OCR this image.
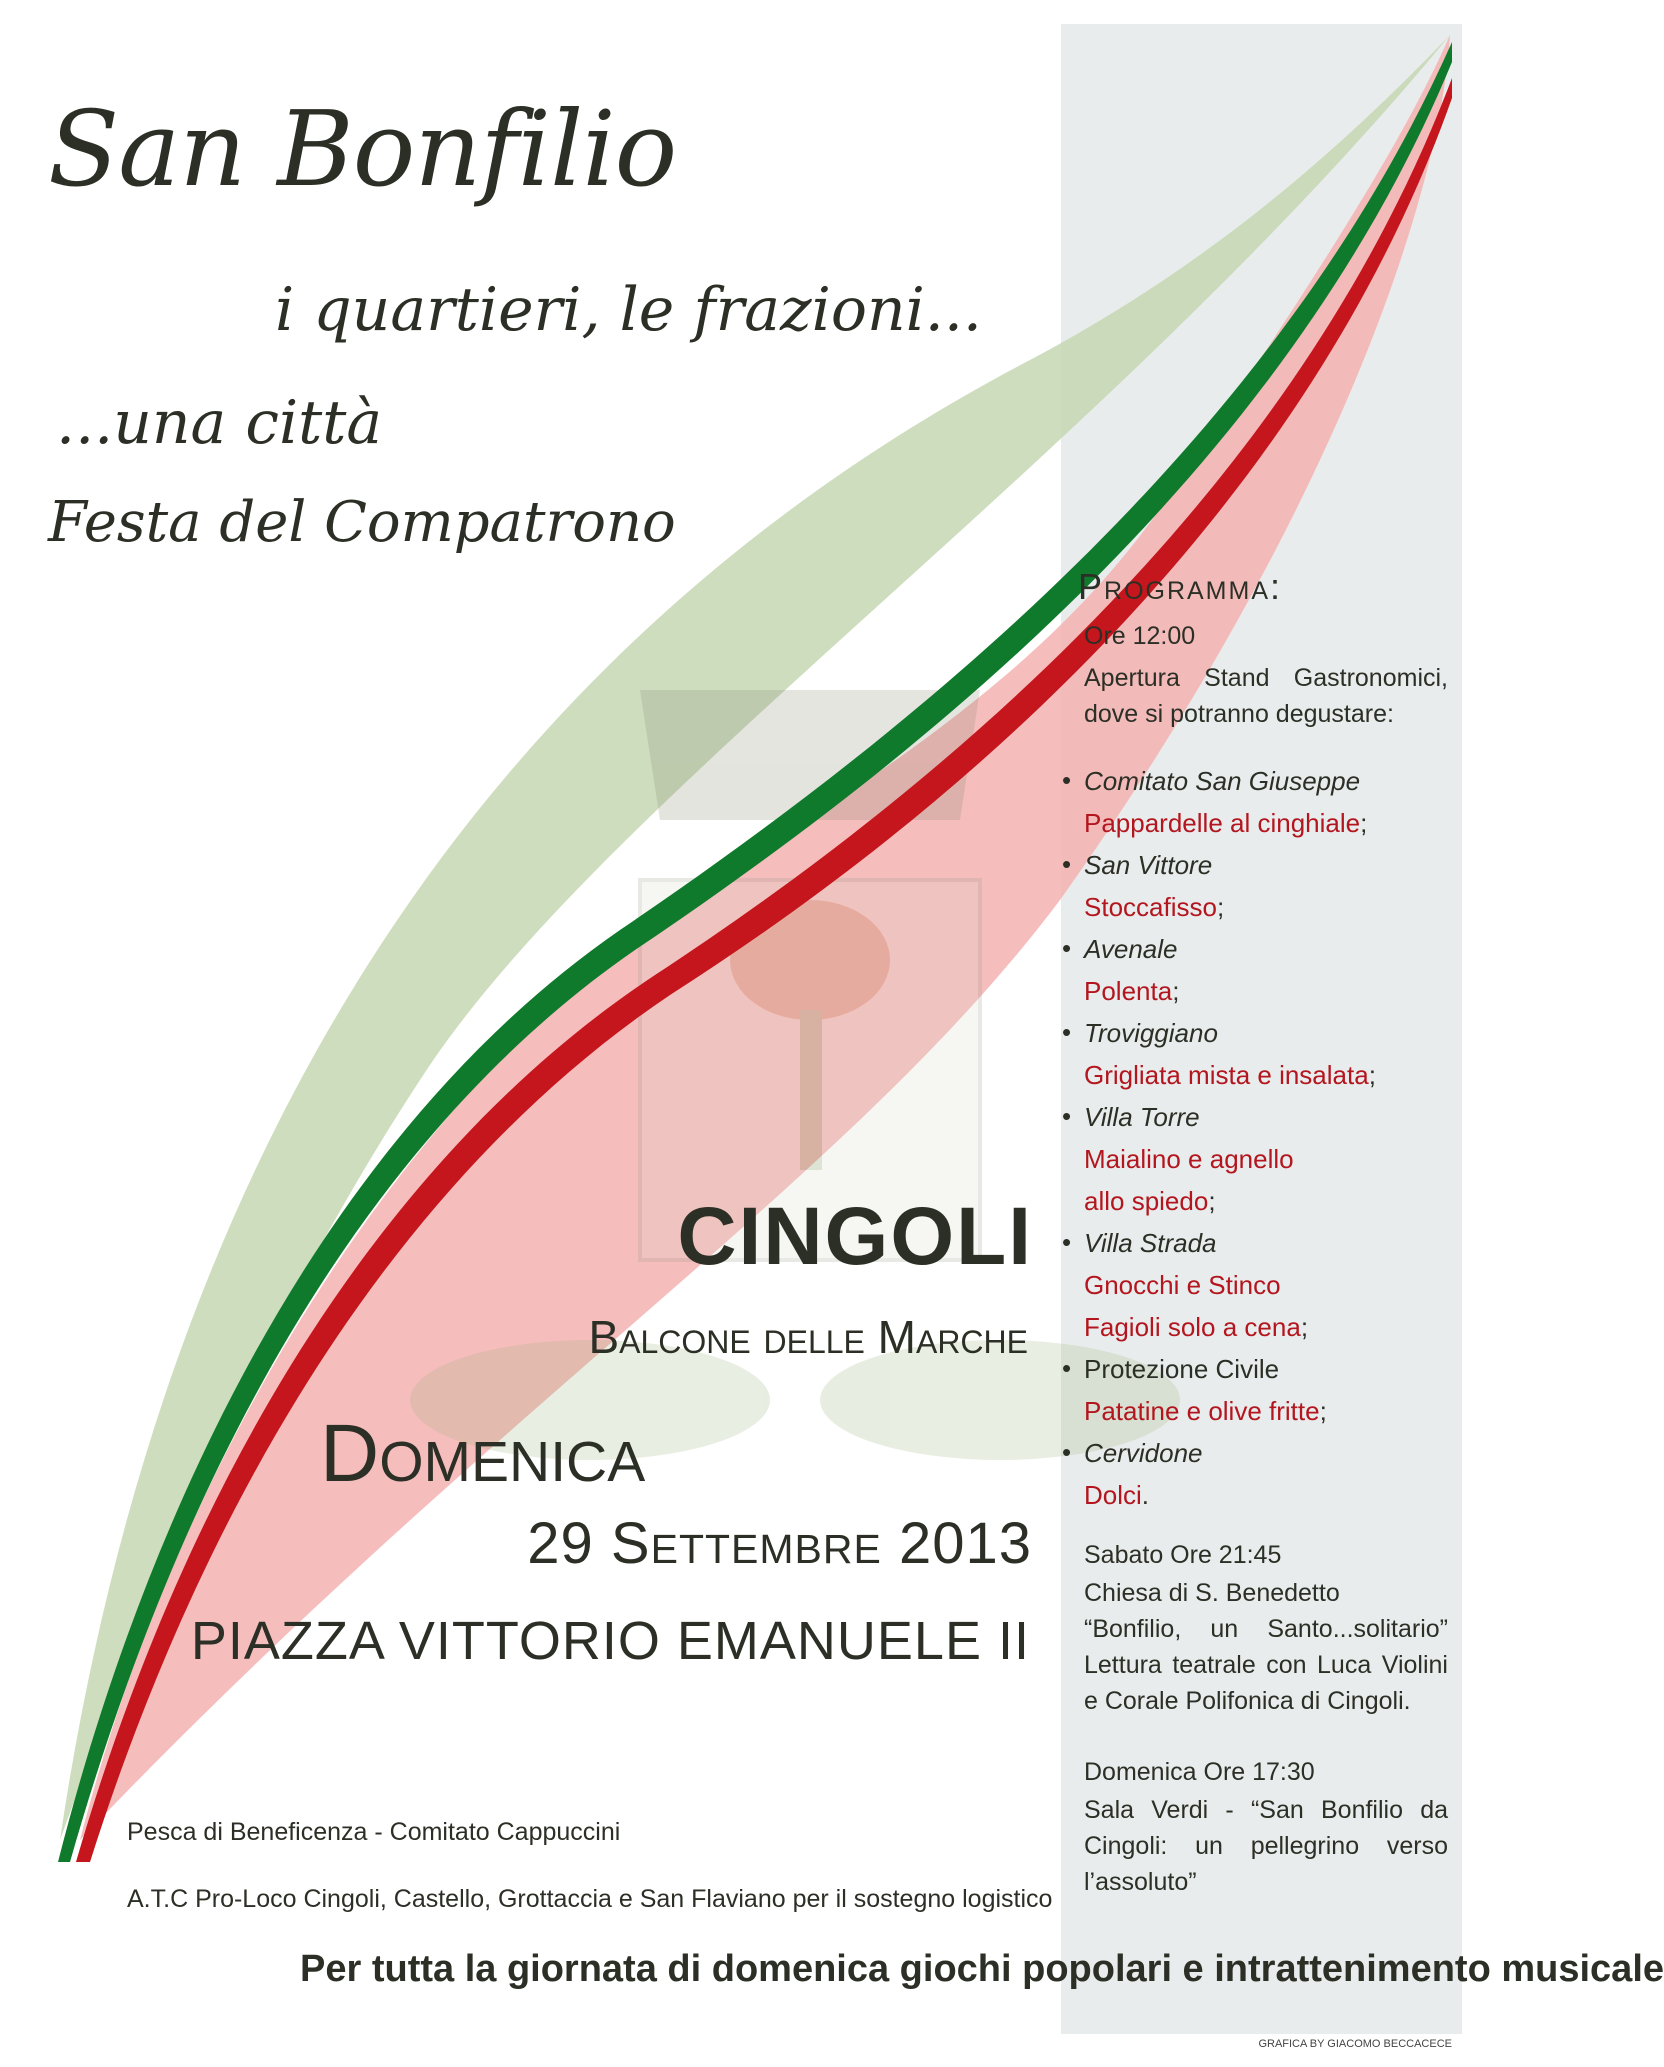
San Bonfilio
i quartieri, le frazioni...
...una città
Festa del Compatrono
CINGOLI
Balcone delle Marche
Domenica
29 Settembre 2013
PIAZZA VITTORIO EMANUELE II
Pesca di Beneficenza - Comitato Cappuccini
A.T.C Pro-Loco Cingoli, Castello, Grottaccia e San Flaviano per il sostegno logistico
Per tutta la giornata di domenica giochi popolari e intrattenimento musicale
GRAFICA BY GIACOMO BECCACECE
Programma:
Ore 12:00
Apertura Stand Gastronomici,
dove si potranno degustare:
• Comitato San Giuseppe
Pappardelle al cinghiale;
• San Vittore
Stoccafisso;
• Avenale
Polenta;
• Troviggiano
Grigliata mista e insalata;
• Villa Torre
Maialino e agnello
allo spiedo;
• Villa Strada
Gnocchi e Stinco
Fagioli solo a cena;
• Protezione Civile
Patatine e olive fritte;
• Cervidone
Dolci.
Sabato Ore 21:45
Chiesa di S. Benedetto
“Bonfilio, un Santo...solitario”
Lettura teatrale con Luca Violini
e Corale Polifonica di Cingoli.
Domenica Ore 17:30
Sala Verdi - “San Bonfilio da
Cingoli: un pellegrino verso
l’assoluto”
